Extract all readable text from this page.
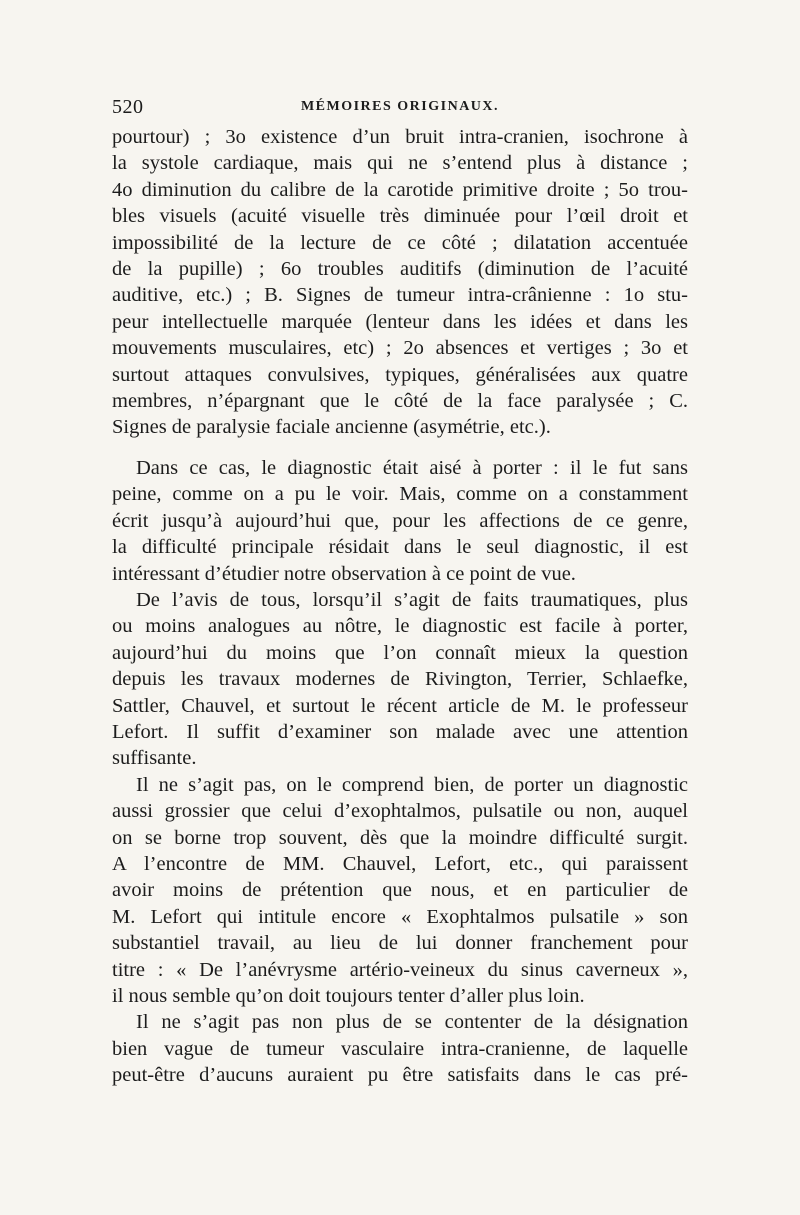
520	MÉMOIRES ORIGINAUX.

pourtour) ; 3o existence d’un bruit intra-cranien, isochrone à
la systole cardiaque, mais qui ne s’entend plus à distance ;
4o diminution du calibre de la carotide primitive droite ; 5o trou-
bles visuels (acuité visuelle très diminuée pour l’œil droit et
impossibilité de la lecture de ce côté ; dilatation accentuée
de la pupille) ; 6o troubles auditifs (diminution de l’acuité
auditive, etc.) ; B. Signes de tumeur intra-crânienne : 1o stu-
peur intellectuelle marquée (lenteur dans les idées et dans les
mouvements musculaires, etc) ; 2o absences et vertiges ; 3o et
surtout attaques convulsives, typiques, généralisées aux quatre
membres, n’épargnant que le côté de la face paralysée ; C.
Signes de paralysie faciale ancienne (asymétrie, etc.).

Dans ce cas, le diagnostic était aisé à porter : il le fut sans
peine, comme on a pu le voir. Mais, comme on a constamment
écrit jusqu’à aujourd’hui que, pour les affections de ce genre,
la difficulté principale résidait dans le seul diagnostic, il est
intéressant d’étudier notre observation à ce point de vue.

De l’avis de tous, lorsqu’il s’agit de faits traumatiques, plus
ou moins analogues au nôtre, le diagnostic est facile à porter,
aujourd’hui du moins que l’on connaît mieux la question
depuis les travaux modernes de Rivington, Terrier, Schlaefke,
Sattler, Chauvel, et surtout le récent article de M. le professeur
Lefort. Il suffit d’examiner son malade avec une attention
suffisante.

Il ne s’agit pas, on le comprend bien, de porter un diagnostic
aussi grossier que celui d’exophtalmos, pulsatile ou non, auquel
on se borne trop souvent, dès que la moindre difficulté surgit.
A l’encontre de MM. Chauvel, Lefort, etc., qui paraissent
avoir moins de prétention que nous, et en particulier de
M. Lefort qui intitule encore « Exophtalmos pulsatile » son
substantiel travail, au lieu de lui donner franchement pour
titre : « De l’anévrysme artério-veineux du sinus caverneux »,
il nous semble qu’on doit toujours tenter d’aller plus loin.

Il ne s’agit pas non plus de se contenter de la désignation
bien vague de tumeur vasculaire intra-cranienne, de laquelle
peut-être d’aucuns auraient pu être satisfaits dans le cas pré-
